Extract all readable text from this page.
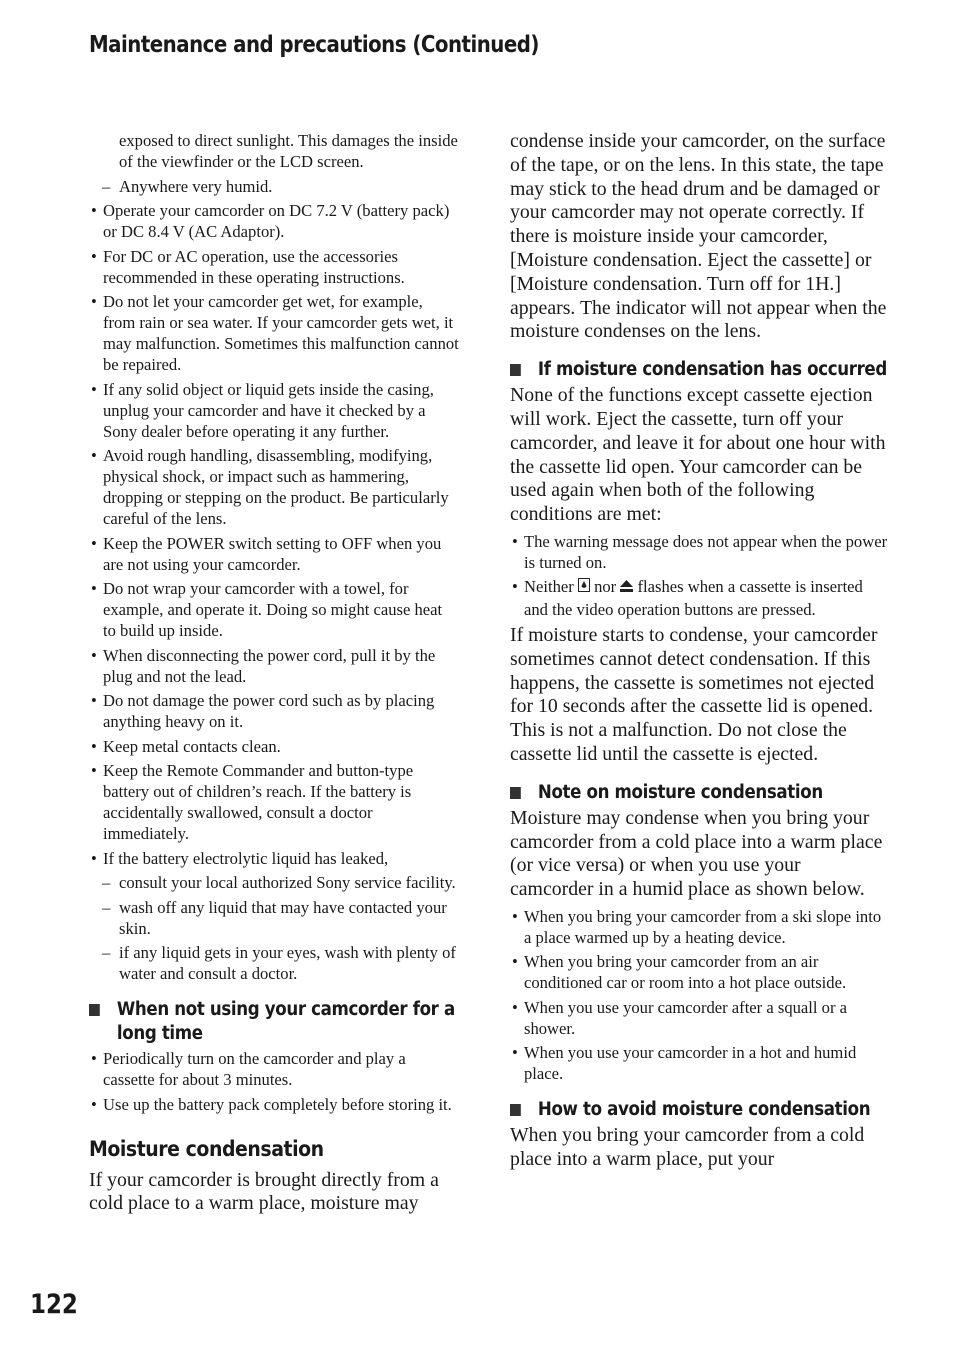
Maintenance and precautions (Continued)

exposed to direct sunlight. This damages the inside of the viewfinder or the LCD screen.

– Anywhere very humid.
• Operate your camcorder on DC 7.2 V (battery pack) or DC 8.4 V (AC Adaptor).
• For DC or AC operation, use the accessories recommended in these operating instructions.
• Do not let your camcorder get wet, for example, from rain or sea water. If your camcorder gets wet, it may malfunction. Sometimes this malfunction cannot be repaired.
• If any solid object or liquid gets inside the casing, unplug your camcorder and have it checked by a Sony dealer before operating it any further.
• Avoid rough handling, disassembling, modifying, physical shock, or impact such as hammering, dropping or stepping on the product. Be particularly careful of the lens.
• Keep the POWER switch setting to OFF when you are not using your camcorder.
• Do not wrap your camcorder with a towel, for example, and operate it. Doing so might cause heat to build up inside.
• When disconnecting the power cord, pull it by the plug and not the lead.
• Do not damage the power cord such as by placing anything heavy on it.
• Keep metal contacts clean.
• Keep the Remote Commander and button-type battery out of children’s reach. If the battery is accidentally swallowed, consult a doctor immediately.
• If the battery electrolytic liquid has leaked,
– consult your local authorized Sony service facility.
– wash off any liquid that may have contacted your skin.
– if any liquid gets in your eyes, wash with plenty of water and consult a doctor.
When not using your camcorder for a long time
• Periodically turn on the camcorder and play a cassette for about 3 minutes.
• Use up the battery pack completely before storing it.
Moisture condensation

If your camcorder is brought directly from a cold place to a warm place, moisture may

condense inside your camcorder, on the surface of the tape, or on the lens. In this state, the tape may stick to the head drum and be damaged or your camcorder may not operate correctly. If there is moisture inside your camcorder, [Moisture condensation. Eject the cassette] or [Moisture condensation. Turn off for 1H.] appears. The indicator will not appear when the moisture condenses on the lens.

If moisture condensation has occurred

None of the functions except cassette ejection will work. Eject the cassette, turn off your camcorder, and leave it for about one hour with the cassette lid open. Your camcorder can be used again when both of the following conditions are met:

• The warning message does not appear when the power is turned on.
• Neither nor flashes when a cassette is inserted and the video operation buttons are pressed.

If moisture starts to condense, your camcorder sometimes cannot detect condensation. If this happens, the cassette is sometimes not ejected for 10 seconds after the cassette lid is opened. This is not a malfunction. Do not close the cassette lid until the cassette is ejected.

Note on moisture condensation

Moisture may condense when you bring your camcorder from a cold place into a warm place (or vice versa) or when you use your camcorder in a humid place as shown below.

• When you bring your camcorder from a ski slope into a place warmed up by a heating device.
• When you bring your camcorder from an air conditioned car or room into a hot place outside.
• When you use your camcorder after a squall or a shower.
• When you use your camcorder in a hot and humid place.
How to avoid moisture condensation

When you bring your camcorder from a cold place into a warm place, put your

122
